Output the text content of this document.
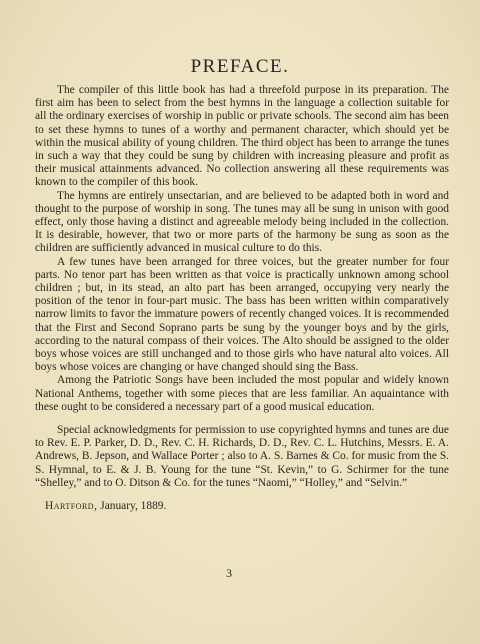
PREFACE.

The compiler of this little book has had a threefold purpose in its preparation. The first aim has been to select from the best hymns in the language a collection suitable for all the ordinary exercises of worship in public or private schools. The second aim has been to set these hymns to tunes of a worthy and permanent character, which should yet be within the musical ability of young children. The third object has been to arrange the tunes in such a way that they could be sung by children with increasing pleasure and profit as their musical attainments advanced. No collection answering all these requirements was known to the compiler of this book.

The hymns are entirely unsectarian, and are believed to be adapted both in word and thought to the purpose of worship in song. The tunes may all be sung in unison with good effect, only those having a distinct and agreeable melody being included in the collection. It is desirable, however, that two or more parts of the harmony be sung as soon as the children are sufficiently advanced in musical culture to do this.

A few tunes have been arranged for three voices, but the greater number for four parts. No tenor part has been written as that voice is practically unknown among school children ; but, in its stead, an alto part has been arranged, occupying very nearly the position of the tenor in four-part music. The bass has been written within comparatively narrow limits to favor the immature powers of recently changed voices. It is recommended that the First and Second Soprano parts be sung by the younger boys and by the girls, according to the natural compass of their voices. The Alto should be assigned to the older boys whose voices are still unchanged and to those girls who have natural alto voices. All boys whose voices are changing or have changed should sing the Bass.

Among the Patriotic Songs have been included the most popular and widely known National Anthems, together with some pieces that are less familiar. An aquaintance with these ought to be considered a necessary part of a good musical education.

Special acknowledgments for permission to use copyrighted hymns and tunes are due to Rev. E. P. Parker, D. D., Rev. C. H. Richards, D. D., Rev. C. L. Hutchins, Messrs. E. A. Andrews, B. Jepson, and Wallace Porter ; also to A. S. Barnes & Co. for music from the S. S. Hymnal, to E. & J. B. Young for the tune “St. Kevin,” to G. Schirmer for the tune “Shelley,” and to O. Ditson & Co. for the tunes “Naomi,” “Holley,” and “Selvin.”

Hartford, January, 1889.

3
